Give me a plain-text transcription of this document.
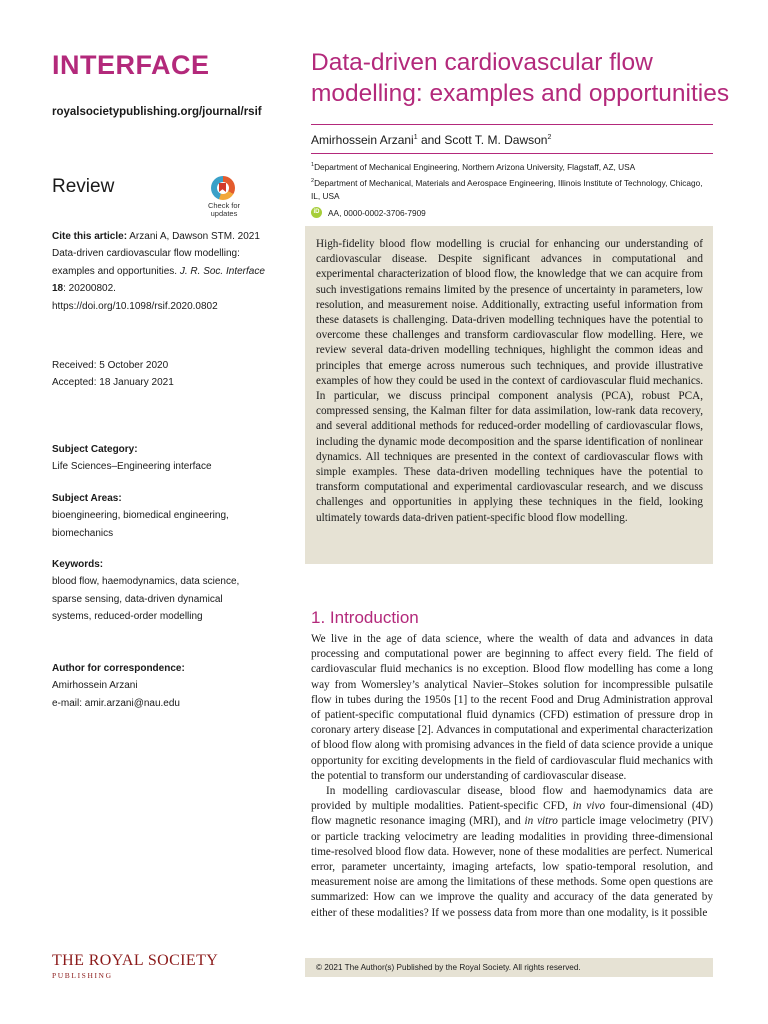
INTERFACE
royalsocietypublishing.org/journal/rsif
Review
Check for
updates
Cite this article: Arzani A, Dawson STM. 2021 Data-driven cardiovascular flow modelling: examples and opportunities. J. R. Soc. Interface
18: 20200802.
https://doi.org/10.1098/rsif.2020.0802
Received: 5 October 2020
Accepted: 18 January 2021
Subject Category:
Life Sciences–Engineering interface
Subject Areas:
bioengineering, biomedical engineering, biomechanics
Keywords:
blood flow, haemodynamics, data science, sparse sensing, data-driven dynamical systems, reduced-order modelling
Author for correspondence:
Amirhossein Arzani
e-mail: amir.arzani@nau.edu
THE ROYAL SOCIETY
PUBLISHING
Data-driven cardiovascular flow modelling: examples and opportunities
Amirhossein Arzani$^1$ and Scott T. M. Dawson$^2$
$^1$Department of Mechanical Engineering, Northern Arizona University, Flagstaff, AZ, USA
$^2$Department of Mechanical, Materials and Aerospace Engineering, Illinois Institute of Technology, Chicago, IL, USA
iD	AA, 0000-0002-3706-7909

High-fidelity blood flow modelling is crucial for enhancing our understanding of cardiovascular disease. Despite significant advances in computational and experimental characterization of blood flow, the knowledge that we can acquire from such investigations remains limited by the presence of uncertainty in parameters, low resolution, and measurement noise. Additionally, extracting useful information from these datasets is challenging. Data-driven modelling techniques have the potential to overcome these challenges and transform cardiovascular flow modelling. Here, we review several data-driven modelling techniques, highlight the common ideas and principles that emerge across numerous such techniques, and provide illustrative examples of how they could be used in the context of cardiovascular fluid mechanics. In particular, we discuss principal component analysis (PCA), robust PCA, compressed sensing, the Kalman filter for data assimilation, low-rank data recovery, and several additional methods for reduced-order modelling of cardiovascular flows, including the dynamic mode decomposition and the sparse identification of nonlinear dynamics. All techniques are presented in the context of cardiovascular flows with simple examples. These data-driven modelling techniques have the potential to transform computational and experimental cardiovascular research, and we discuss challenges and opportunities in applying these techniques in the field, looking ultimately towards data-driven patient-specific blood flow modelling.

1. Introduction

We live in the age of data science, where the wealth of data and advances in data processing and computational power are beginning to affect every field. The field of cardiovascular fluid mechanics is no exception. Blood flow modelling has come a long way from Womersley’s analytical Navier–Stokes solution for incompressible pulsatile flow in tubes during the 1950s [1] to the recent Food and Drug Administration approval of patient-specific computational fluid dynamics (CFD) estimation of pressure drop in coronary artery disease [2]. Advances in computational and experimental characterization of blood flow along with promising advances in the field of data science provide a unique opportunity for exciting developments in the field of cardiovascular fluid mechanics with the potential to transform our understanding of cardiovascular disease.

In modelling cardiovascular disease, blood flow and haemodynamics data are provided by multiple modalities. Patient-specific CFD, in vivo four-dimensional (4D) flow magnetic resonance imaging (MRI), and in vitro particle image velocimetry (PIV) or particle tracking velocimetry are leading modalities in providing three-dimensional time-resolved blood flow data. However, none of these modalities are perfect. Numerical error, parameter uncertainty, imaging artefacts, low spatio-temporal resolution, and measurement noise are among the limitations of these methods. Some open questions are summarized: How can we improve the quality and accuracy of the data generated by either of these modalities? If we possess data from more than one modality, is it possible

© 2021 The Author(s) Published by the Royal Society. All rights reserved.
